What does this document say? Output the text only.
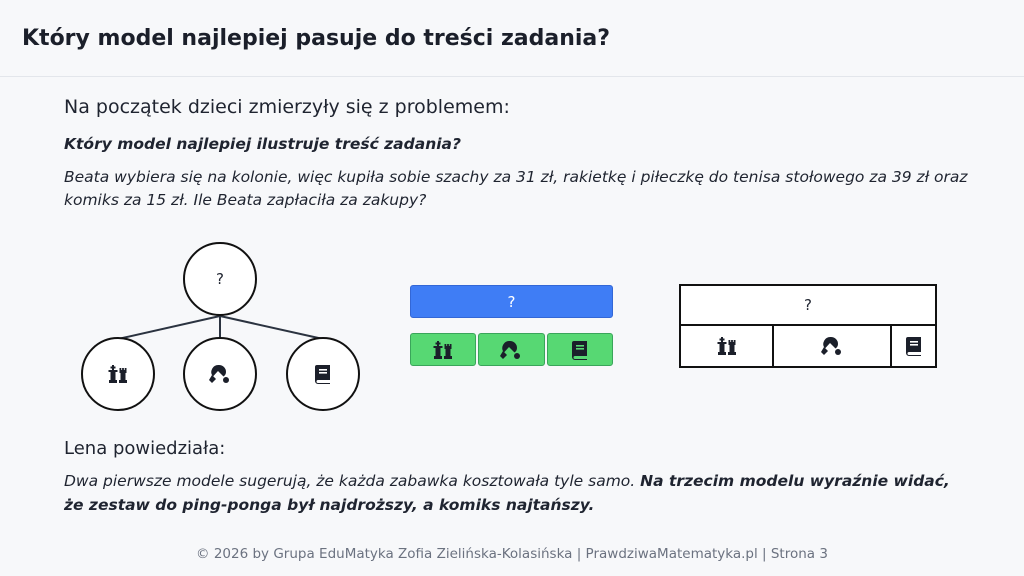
Który model najlepiej pasuje do treści zadania?
Na początek dzieci zmierzyły się z problemem:
Który model najlepiej ilustruje treść zadania?
Beata wybiera się na kolonie, więc kupiła sobie szachy za 31 zł, rakietkę i piłeczkę do tenisa stołowego za 39 zł oraz komiks za 15 zł. Ile Beata zapłaciła za zakupy?
?
?	?
Lena powiedziała:
Dwa pierwsze modele sugerują, że każda zabawka kosztowała tyle samo. Na trzecim modelu wyraźnie widać, że zestaw do ping-ponga był najdroższy, a komiks najtańszy.
© 2026 by Grupa EduMatyka Zofia Zielińska-Kolasińska | PrawdziwaMatematyka.pl | Strona 3
